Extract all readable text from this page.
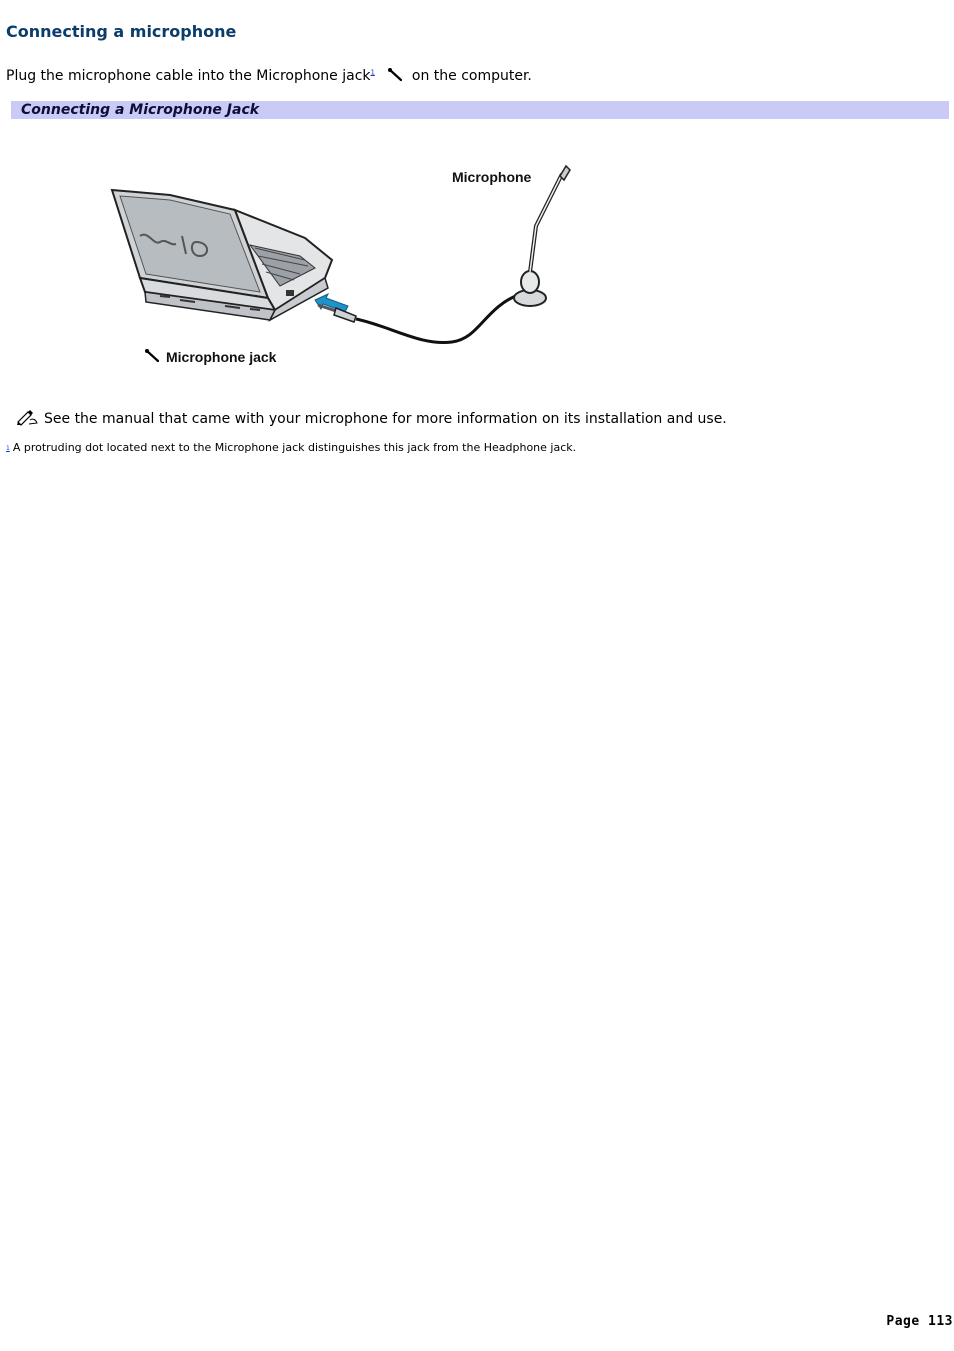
Connecting a microphone
Plug the microphone cable into the Microphone jack$^1$	on the computer.
Connecting a Microphone Jack
Microphone
Microphone jack
See the manual that came with your microphone for more information on its installation and use.
1 A protruding dot located next to the Microphone jack distinguishes this jack from the Headphone jack.
Page 113
